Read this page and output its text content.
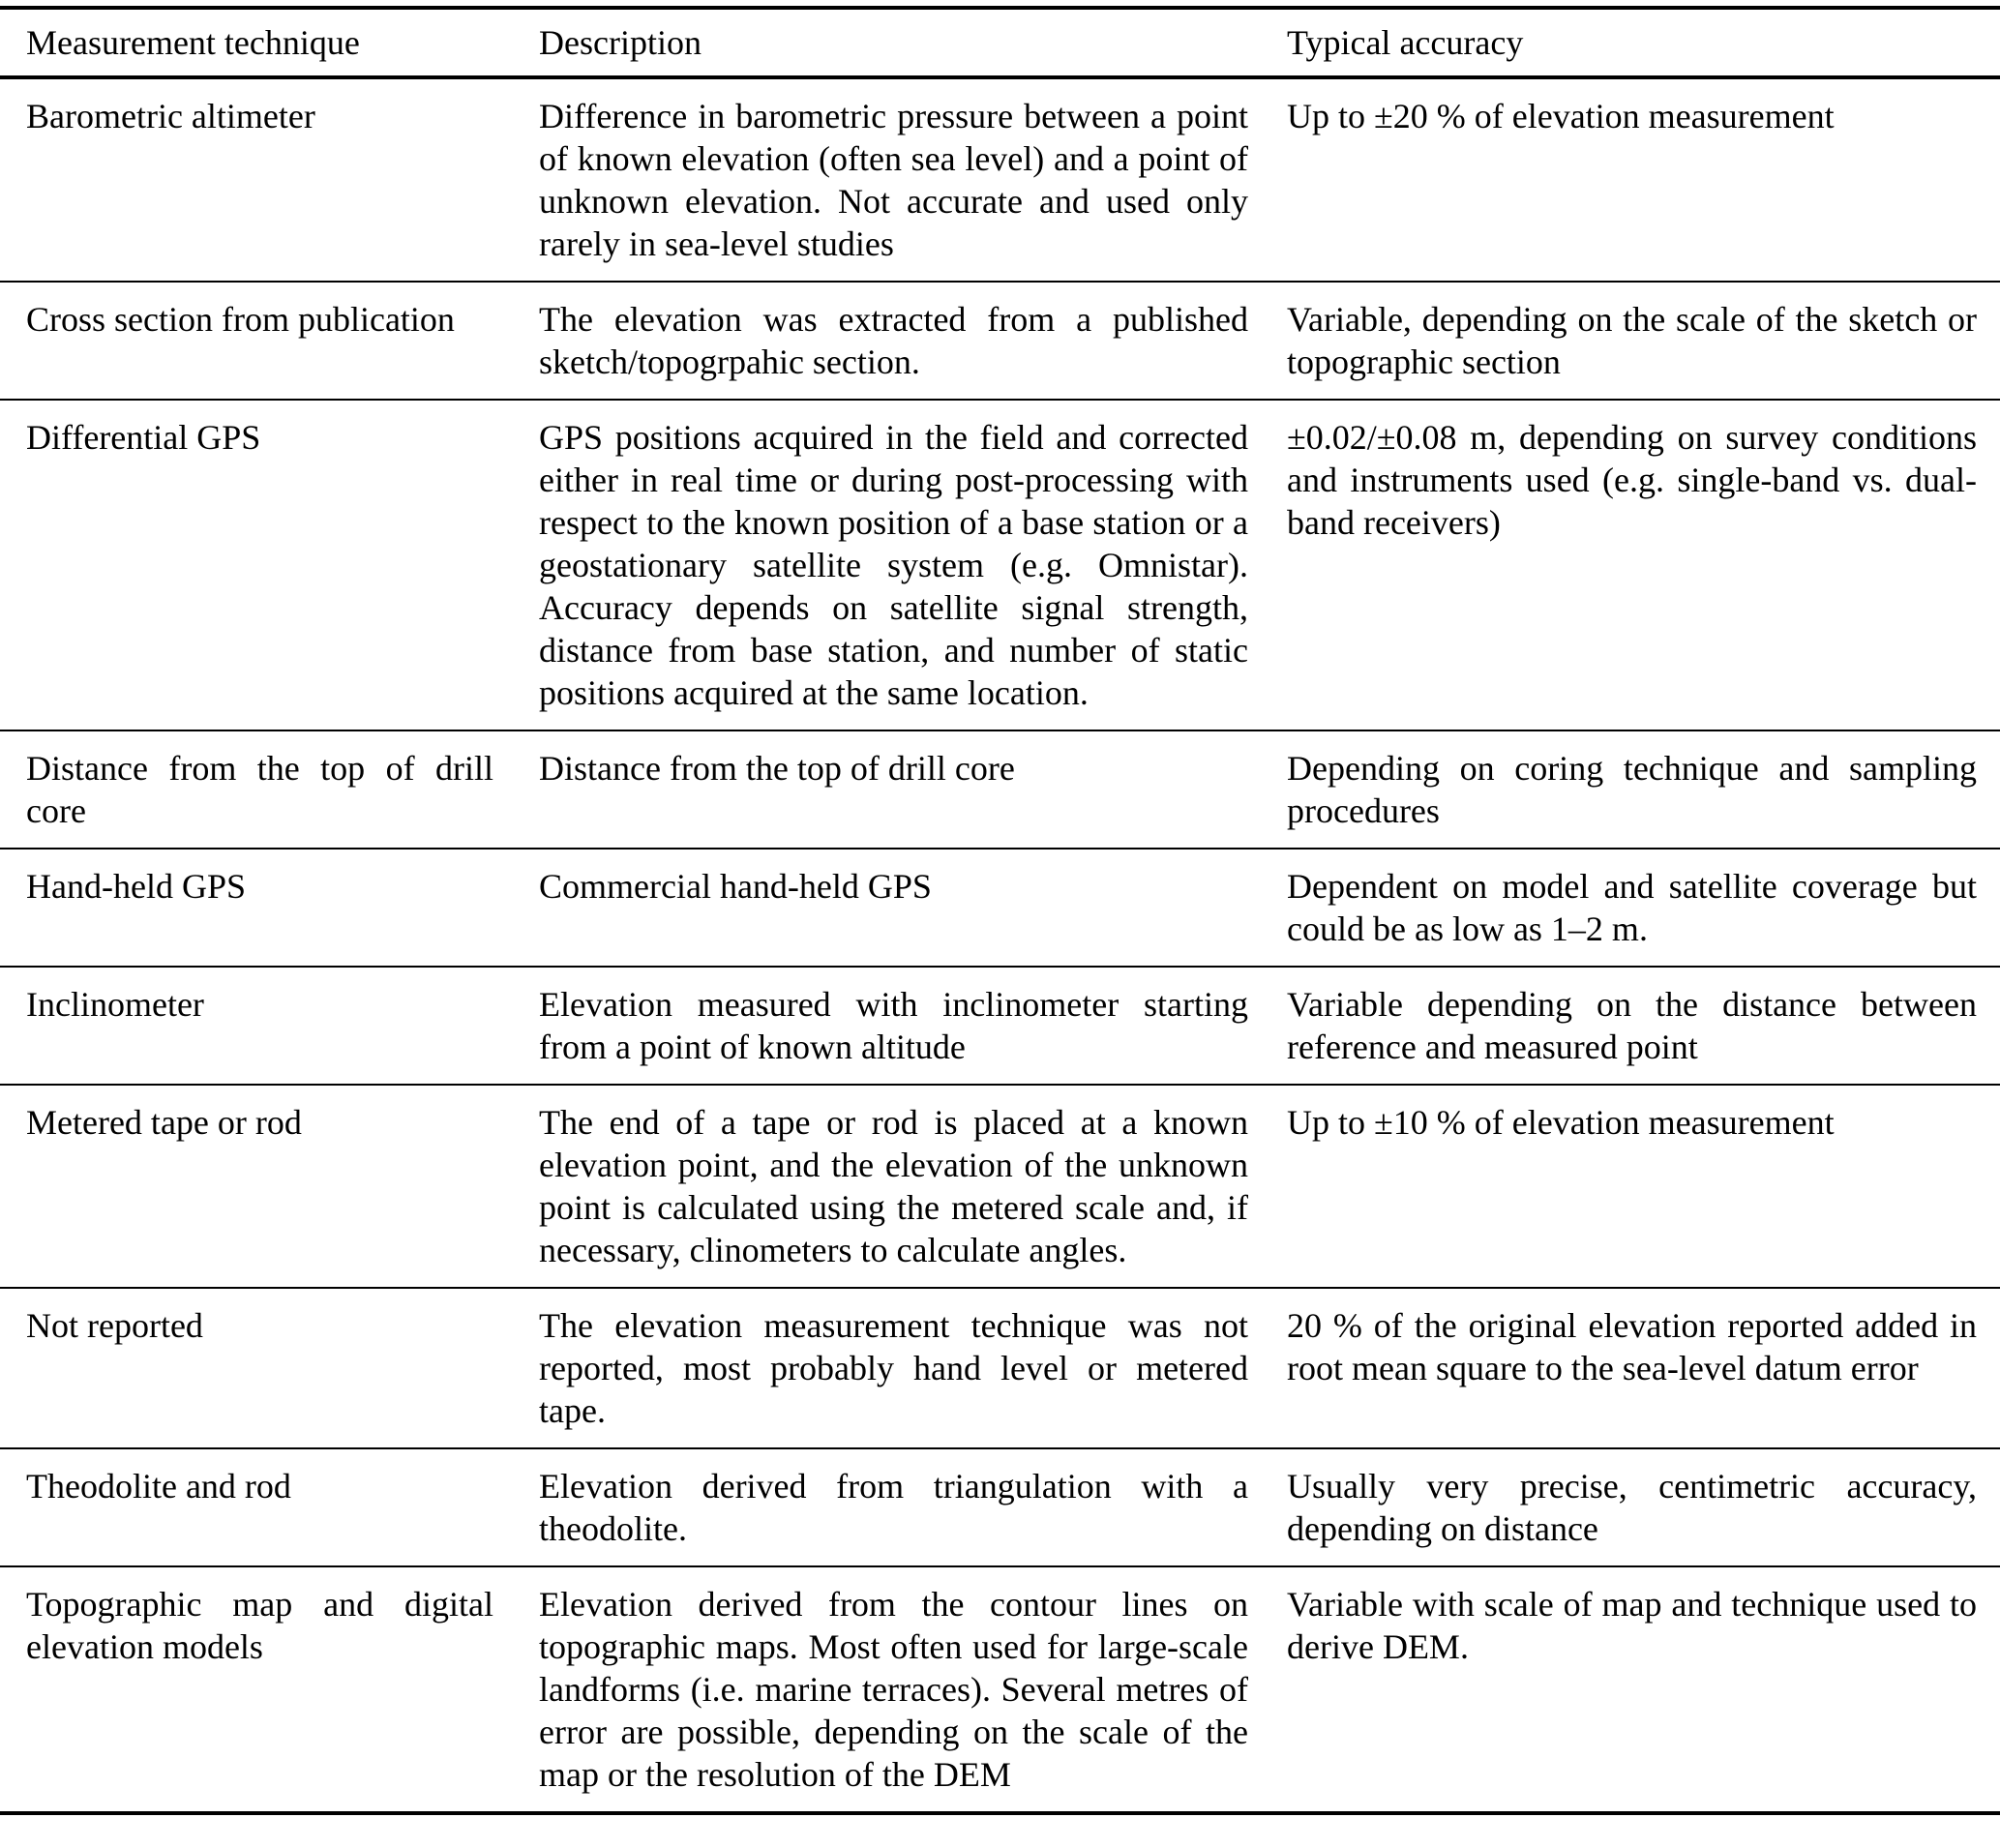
Measurement technique	Description	Typical accuracy
Barometric altimeter	Difference in barometric pressure between a point of known elevation (often sea level) and a point of unknown elevation. Not accurate and used only rarely in sea-level studies	Up to ±20 % of elevation measurement
Cross section from publication	The elevation was extracted from a published sketch/topogrpahic section.	Variable, depending on the scale of the sketch or topographic section
Differential GPS	GPS positions acquired in the field and corrected either in real time or during post-processing with respect to the known position of a base station or a geostationary satellite system (e.g. Omnistar). Accuracy depends on satellite signal strength, distance from base station, and number of static positions acquired at the same location.	±0.02/±0.08 m, depending on survey conditions and instruments used (e.g. single-band vs. dual-band receivers)
Distance from the top of drill core	Distance from the top of drill core	Depending on coring technique and sampling procedures
Hand-held GPS	Commercial hand-held GPS	Dependent on model and satellite coverage but could be as low as 1–2 m.
Inclinometer	Elevation measured with inclinometer starting from a point of known altitude	Variable depending on the distance between reference and measured point
Metered tape or rod	The end of a tape or rod is placed at a known elevation point, and the elevation of the unknown point is calculated using the metered scale and, if necessary, clinometers to calculate angles.	Up to ±10 % of elevation measurement
Not reported	The elevation measurement technique was not reported, most probably hand level or metered tape.	20 % of the original elevation reported added in root mean square to the sea-level datum error
Theodolite and rod	Elevation derived from triangulation with a theodolite.	Usually very precise, centimetric accuracy, depending on distance
Topographic map and digital elevation models	Elevation derived from the contour lines on topographic maps. Most often used for large-scale landforms (i.e. marine terraces). Several metres of error are possible, depending on the scale of the map or the resolution of the DEM	Variable with scale of map and technique used to derive DEM.
